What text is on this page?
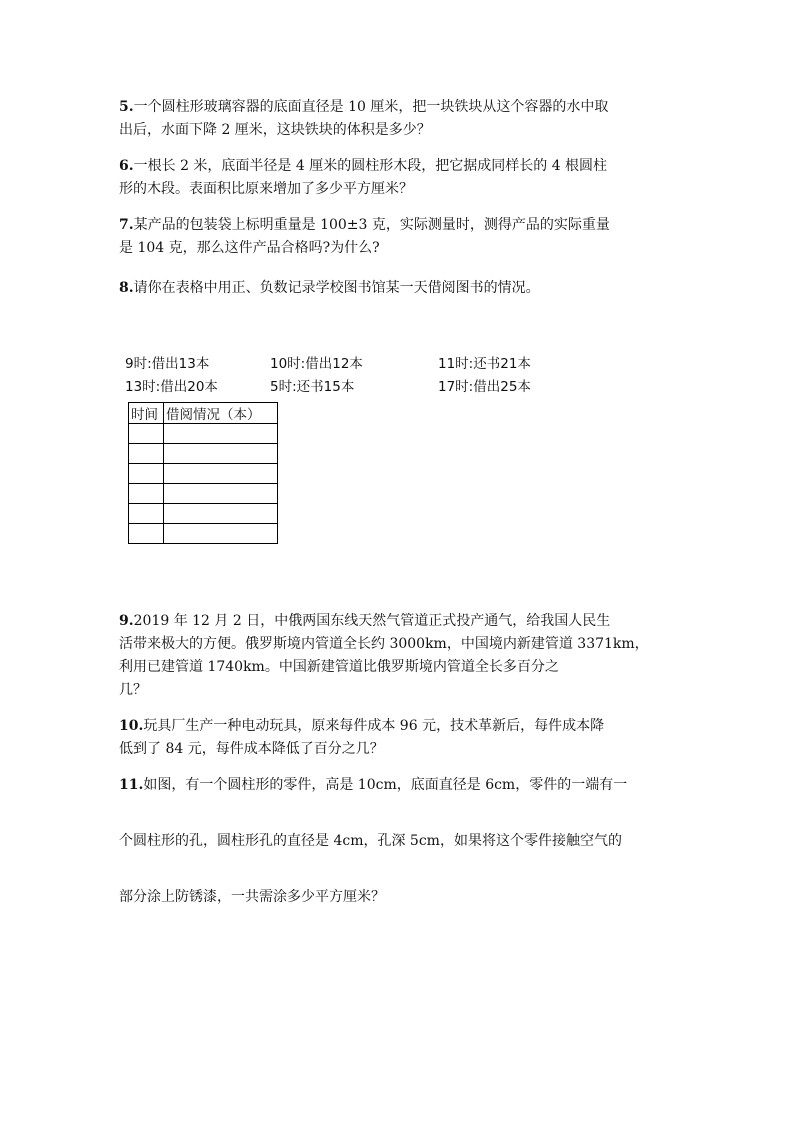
5.一个圆柱形玻璃容器的底面直径是 10 厘米，把一块铁块从这个容器的水中取
出后，水面下降 2 厘米，这块铁块的体积是多少？
6.一根长 2 米，底面半径是 4 厘米的圆柱形木段，把它据成同样长的 4 根圆柱
形的木段。表面积比原来增加了多少平方厘米？
7.某产品的包装袋上标明重量是 100±3 克，实际测量时，测得产品的实际重量
是 104 克，那么这件产品合格吗?为什么?
8.请你在表格中用正、负数记录学校图书馆某一天借阅图书的情况。
9时:借出13本	10时:借出12本	11时:还书21本
13时:借出20本	5时:还书15本	17时:借出25本
时间	借阅情况（本）

9.2019 年 12 月 2 日，中俄两国东线天然气管道正式投产通气，给我国人民生
活带来极大的方便。俄罗斯境内管道全长约 3000km，中国境内新建管道 3371km，
利用已建管道 1740km。中国新建管道比俄罗斯境内管道全长多百分之
几？
10.玩具厂生产一种电动玩具，原来每件成本 96 元，技术革新后，每件成本降
低到了 84 元，每件成本降低了百分之几？
11.如图，有一个圆柱形的零件，高是 10cm，底面直径是 6cm，零件的一端有一
个圆柱形的孔，圆柱形孔的直径是 4cm，孔深 5cm，如果将这个零件接触空气的
部分涂上防锈漆，一共需涂多少平方厘米？
